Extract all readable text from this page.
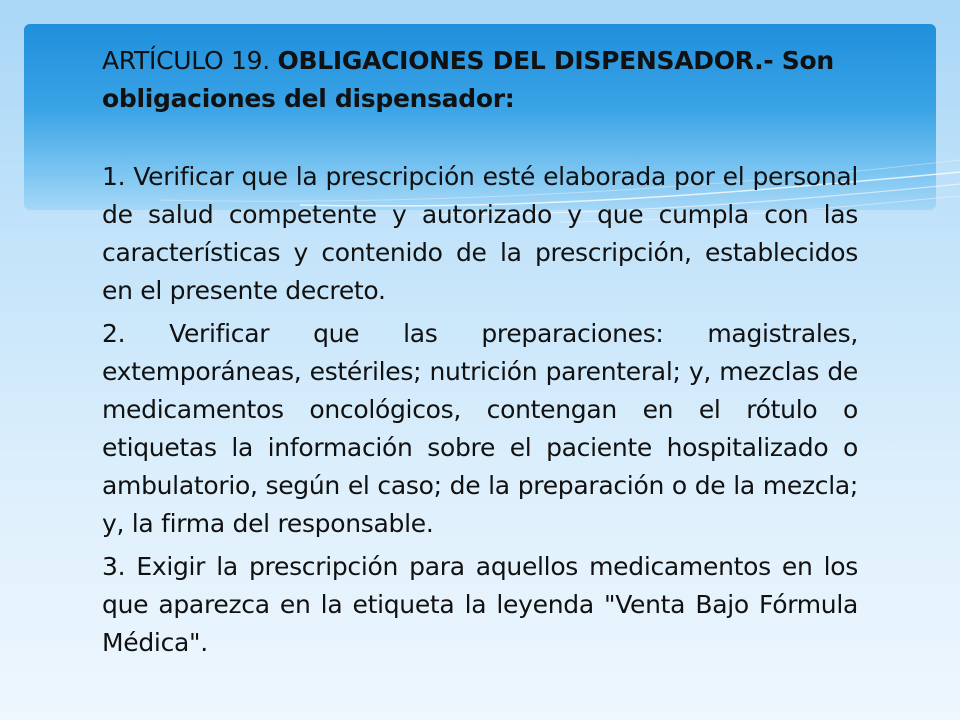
ARTÍCULO 19. OBLIGACIONES DEL DISPENSADOR.- Son obligaciones del dispensador:

1. Verificar que la prescripción esté elaborada por el personal de salud competente y autorizado y que cumpla con las características y contenido de la prescripción, establecidos en el presente decreto.

2. Verificar que las preparaciones: magistrales, extemporáneas, estériles; nutrición parenteral; y, mezclas de medicamentos oncológicos, contengan en el rótulo o etiquetas la información sobre el paciente hospitalizado o ambulatorio, según el caso; de la preparación o de la mezcla; y, la firma del responsable.

3. Exigir la prescripción para aquellos medicamentos en los que aparezca en la etiqueta la leyenda "Venta Bajo Fórmula Médica".
